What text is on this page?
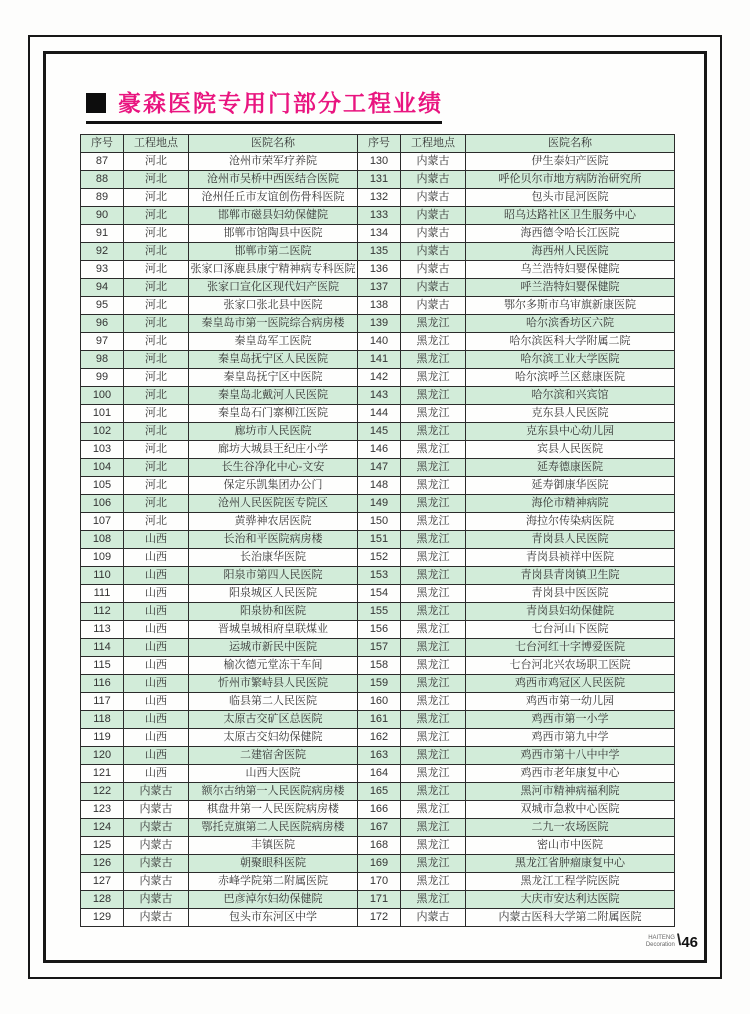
豪森医院专用门部分工程业绩
序号	工程地点	医院名称	序号	工程地点	医院名称
87	河北	沧州市荣军疗养院	130	内蒙古	伊生泰妇产医院
88	河北	沧州市吴桥中西医结合医院	131	内蒙古	呼伦贝尔市地方病防治研究所
89	河北	沧州任丘市友谊创伤骨科医院	132	内蒙古	包头市昆河医院
90	河北	邯郸市磁县妇幼保健院	133	内蒙古	昭乌达路社区卫生服务中心
91	河北	邯郸市馆陶县中医院	134	内蒙古	海西德令哈长江医院
92	河北	邯郸市第二医院	135	内蒙古	海西州人民医院
93	河北	张家口涿鹿县康宁精神病专科医院	136	内蒙古	乌兰浩特妇婴保健院
94	河北	张家口宣化区现代妇产医院	137	内蒙古	呼兰浩特妇婴保健院
95	河北	张家口张北县中医院	138	内蒙古	鄂尔多斯市乌审旗新康医院
96	河北	秦皇岛市第一医院综合病房楼	139	黑龙江	哈尔滨香坊区六院
97	河北	秦皇岛军工医院	140	黑龙江	哈尔滨医科大学附属二院
98	河北	秦皇岛抚宁区人民医院	141	黑龙江	哈尔滨工业大学医院
99	河北	秦皇岛抚宁区中医院	142	黑龙江	哈尔滨呼兰区慈康医院
100	河北	秦皇岛北戴河人民医院	143	黑龙江	哈尔滨和兴宾馆
101	河北	秦皇岛石门寨柳江医院	144	黑龙江	克东县人民医院
102	河北	廊坊市人民医院	145	黑龙江	克东县中心幼儿园
103	河北	廊坊大城县王纪庄小学	146	黑龙江	宾县人民医院
104	河北	长生谷净化中心-文安	147	黑龙江	延寿德康医院
105	河北	保定乐凯集团办公门	148	黑龙江	延寿御康华医院
106	河北	沧州人民医院医专院区	149	黑龙江	海伦市精神病院
107	河北	黄骅神农居医院	150	黑龙江	海拉尔传染病医院
108	山西	长治和平医院病房楼	151	黑龙江	青岗县人民医院
109	山西	长治康华医院	152	黑龙江	青岗县祯祥中医院
110	山西	阳泉市第四人民医院	153	黑龙江	青岗县青岗镇卫生院
111	山西	阳泉城区人民医院	154	黑龙江	青岗县中医医院
112	山西	阳泉协和医院	155	黑龙江	青岗县妇幼保健院
113	山西	晋城皇城相府皇联煤业	156	黑龙江	七台河山下医院
114	山西	运城市新民中医院	157	黑龙江	七台河红十字博爱医院
115	山西	榆次德元堂冻干车间	158	黑龙江	七台河北兴农场职工医院
116	山西	忻州市繁峙县人民医院	159	黑龙江	鸡西市鸡冠区人民医院
117	山西	临县第二人民医院	160	黑龙江	鸡西市第一幼儿园
118	山西	太原古交矿区总医院	161	黑龙江	鸡西市第一小学
119	山西	太原古交妇幼保健院	162	黑龙江	鸡西市第九中学
120	山西	二建宿舍医院	163	黑龙江	鸡西市第十八中中学
121	山西	山西大医院	164	黑龙江	鸡西市老年康复中心
122	内蒙古	额尔古纳第一人民医院病房楼	165	黑龙江	黑河市精神病福利院
123	内蒙古	棋盘井第一人民医院病房楼	166	黑龙江	双城市急救中心医院
124	内蒙古	鄂托克旗第二人民医院病房楼	167	黑龙江	二九一农场医院
125	内蒙古	丰镇医院	168	黑龙江	密山市中医院
126	内蒙古	朝聚眼科医院	169	黑龙江	黑龙江省肿瘤康复中心
127	内蒙古	赤峰学院第二附属医院	170	黑龙江	黑龙江工程学院医院
128	内蒙古	巴彦淖尔妇幼保健院	171	黑龙江	大庆市安达利达医院
129	内蒙古	包头市东河区中学	172	内蒙古	内蒙古医科大学第二附属医院
HAITENG
Decoration \ 46
